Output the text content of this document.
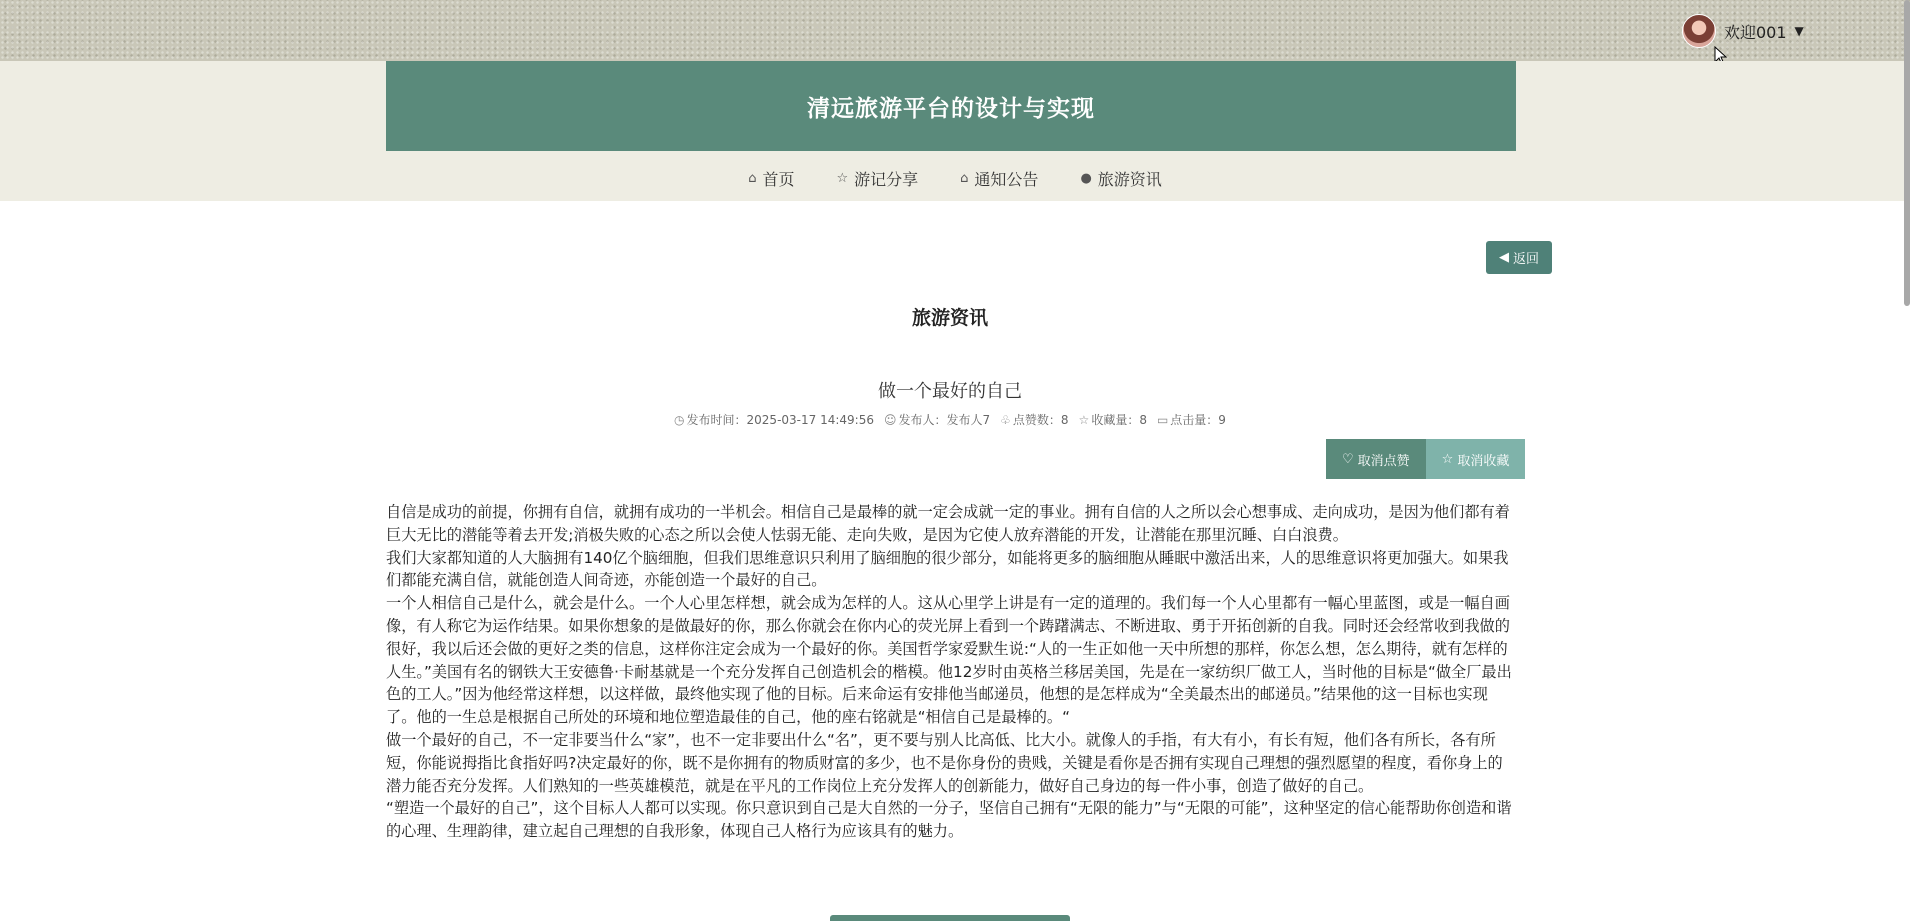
欢迎001 ▼
清远旅游平台的设计与实现
⌂ 首页	☆ 游记分享	⌂ 通知公告	● 旅游资讯
◀ 返回
旅游资讯
做一个最好的自己
◷ 发布时间：2025-03-17 14:49:56 ☺ 发布人：发布人7 ♧ 点赞数：8 ☆ 收藏量：8 ▭ 点击量：9
♡ 取消点赞 ☆ 取消收藏

自信是成功的前提，你拥有自信，就拥有成功的一半机会。相信自己是最棒的就一定会成就一定的事业。拥有自信的人之所以会心想事成、走向成功，是因为他们都有着巨大无比的潜能等着去开发;消极失败的心态之所以会使人怯弱无能、走向失败，是因为它使人放弃潜能的开发，让潜能在那里沉睡、白白浪费。

我们大家都知道的人大脑拥有140亿个脑细胞，但我们思维意识只利用了脑细胞的很少部分，如能将更多的脑细胞从睡眠中激活出来，人的思维意识将更加强大。如果我们都能充满自信，就能创造人间奇迹，亦能创造一个最好的自己。

一个人相信自己是什么，就会是什么。一个人心里怎样想，就会成为怎样的人。这从心里学上讲是有一定的道理的。我们每一个人心里都有一幅心里蓝图，或是一幅自画像，有人称它为运作结果。如果你想象的是做最好的你，那么你就会在你内心的荧光屏上看到一个踌躇满志、不断进取、勇于开拓创新的自我。同时还会经常收到我做的很好，我以后还会做的更好之类的信息，这样你注定会成为一个最好的你。美国哲学家爱默生说:“人的一生正如他一天中所想的那样，你怎么想，怎么期待，就有怎样的人生。”美国有名的钢铁大王安德鲁·卡耐基就是一个充分发挥自己创造机会的楷模。他12岁时由英格兰移居美国，先是在一家纺织厂做工人，当时他的目标是“做全厂最出色的工人。”因为他经常这样想，以这样做，最终他实现了他的目标。后来命运有安排他当邮递员，他想的是怎样成为“全美最杰出的邮递员。”结果他的这一目标也实现了。他的一生总是根据自己所处的环境和地位塑造最佳的自己，他的座右铭就是“相信自己是最棒的。“

做一个最好的自己，不一定非要当什么“家”，也不一定非要出什么“名”，更不要与别人比高低、比大小。就像人的手指，有大有小，有长有短，他们各有所长，各有所短，你能说拇指比食指好吗?决定最好的你，既不是你拥有的物质财富的多少，也不是你身份的贵贱，关键是看你是否拥有实现自己理想的强烈愿望的程度，看你身上的潜力能否充分发挥。人们熟知的一些英雄模范，就是在平凡的工作岗位上充分发挥人的创新能力，做好自己身边的每一件小事，创造了做好的自己。

“塑造一个最好的自己”，这个目标人人都可以实现。你只意识到自己是大自然的一分子，坚信自己拥有“无限的能力”与“无限的可能”，这种坚定的信心能帮助你创造和谐的心理、生理韵律，建立起自己理想的自我形象，体现自己人格行为应该具有的魅力。
